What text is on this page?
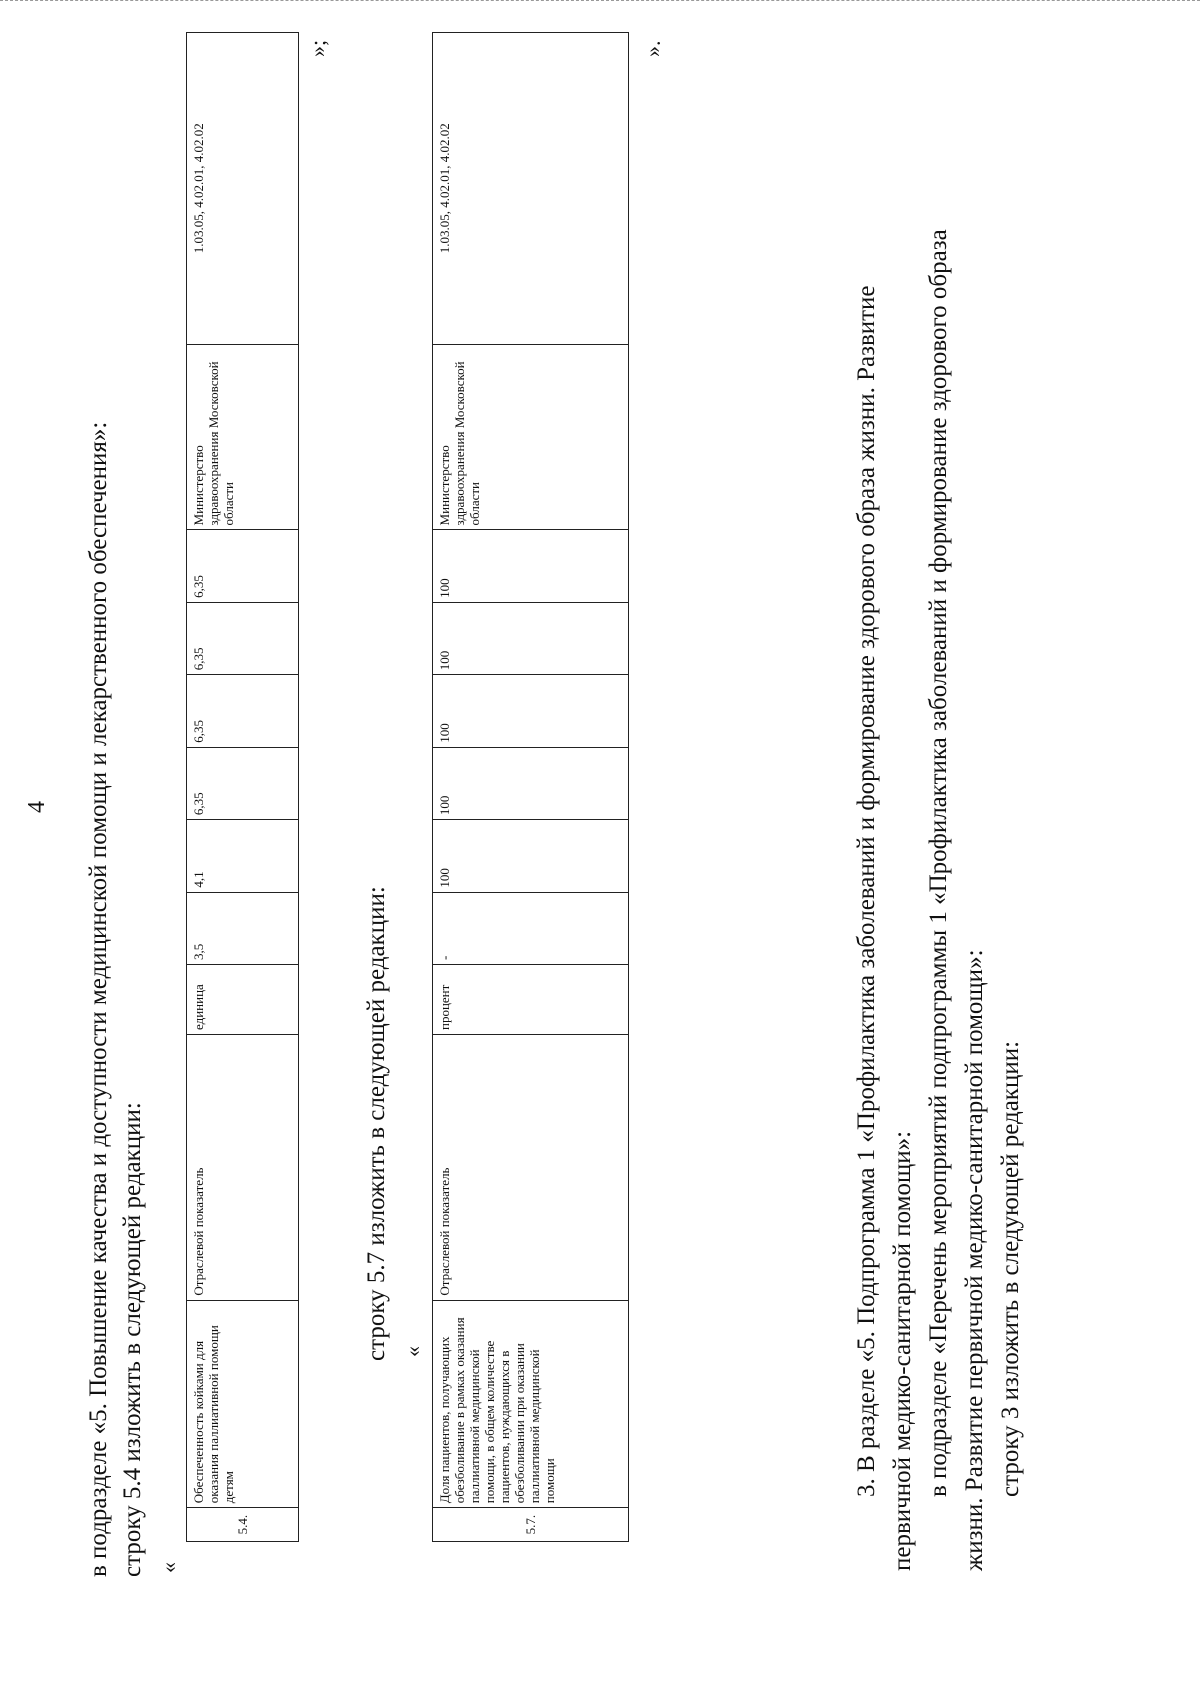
4 в подразделе «5. Повышение качества и доступности медицинской помощи и лекарственного обеспечения»: строку 5.4 изложить в следующей редакции: «
5.4.	Обеспеченность койками для оказания паллиативной помощи детям	Отраслевой показатель	единица	3,5	4,1	6,35	6,35	6,35	6,35	Министерство здравоохранения Московской области	1.03.05, 4.02.01, 4.02.02
»;
строку 5.7 изложить в следующей редакции: «
5.7.	Доля пациентов, получающих обезболивание в рамках оказания паллиативной медицинской помощи, в общем количестве пациентов, нуждающихся в обезболивании при оказании паллиативной медицинской помощи	Отраслевой показатель	процент	-	100	100	100	100	100	Министерство здравоохранения Московской области	1.03.05, 4.02.01, 4.02.02
».
3. В разделе «5. Подпрограмма 1 «Профилактика заболеваний и формирование здорового образа жизни. Развитие первичной медико-санитарной помощи»: в подразделе «Перечень мероприятий подпрограммы 1 «Профилактика заболеваний и формирование здорового образа жизни. Развитие первичной медико-санитарной помощи»: строку 3 изложить в следующей редакции:
